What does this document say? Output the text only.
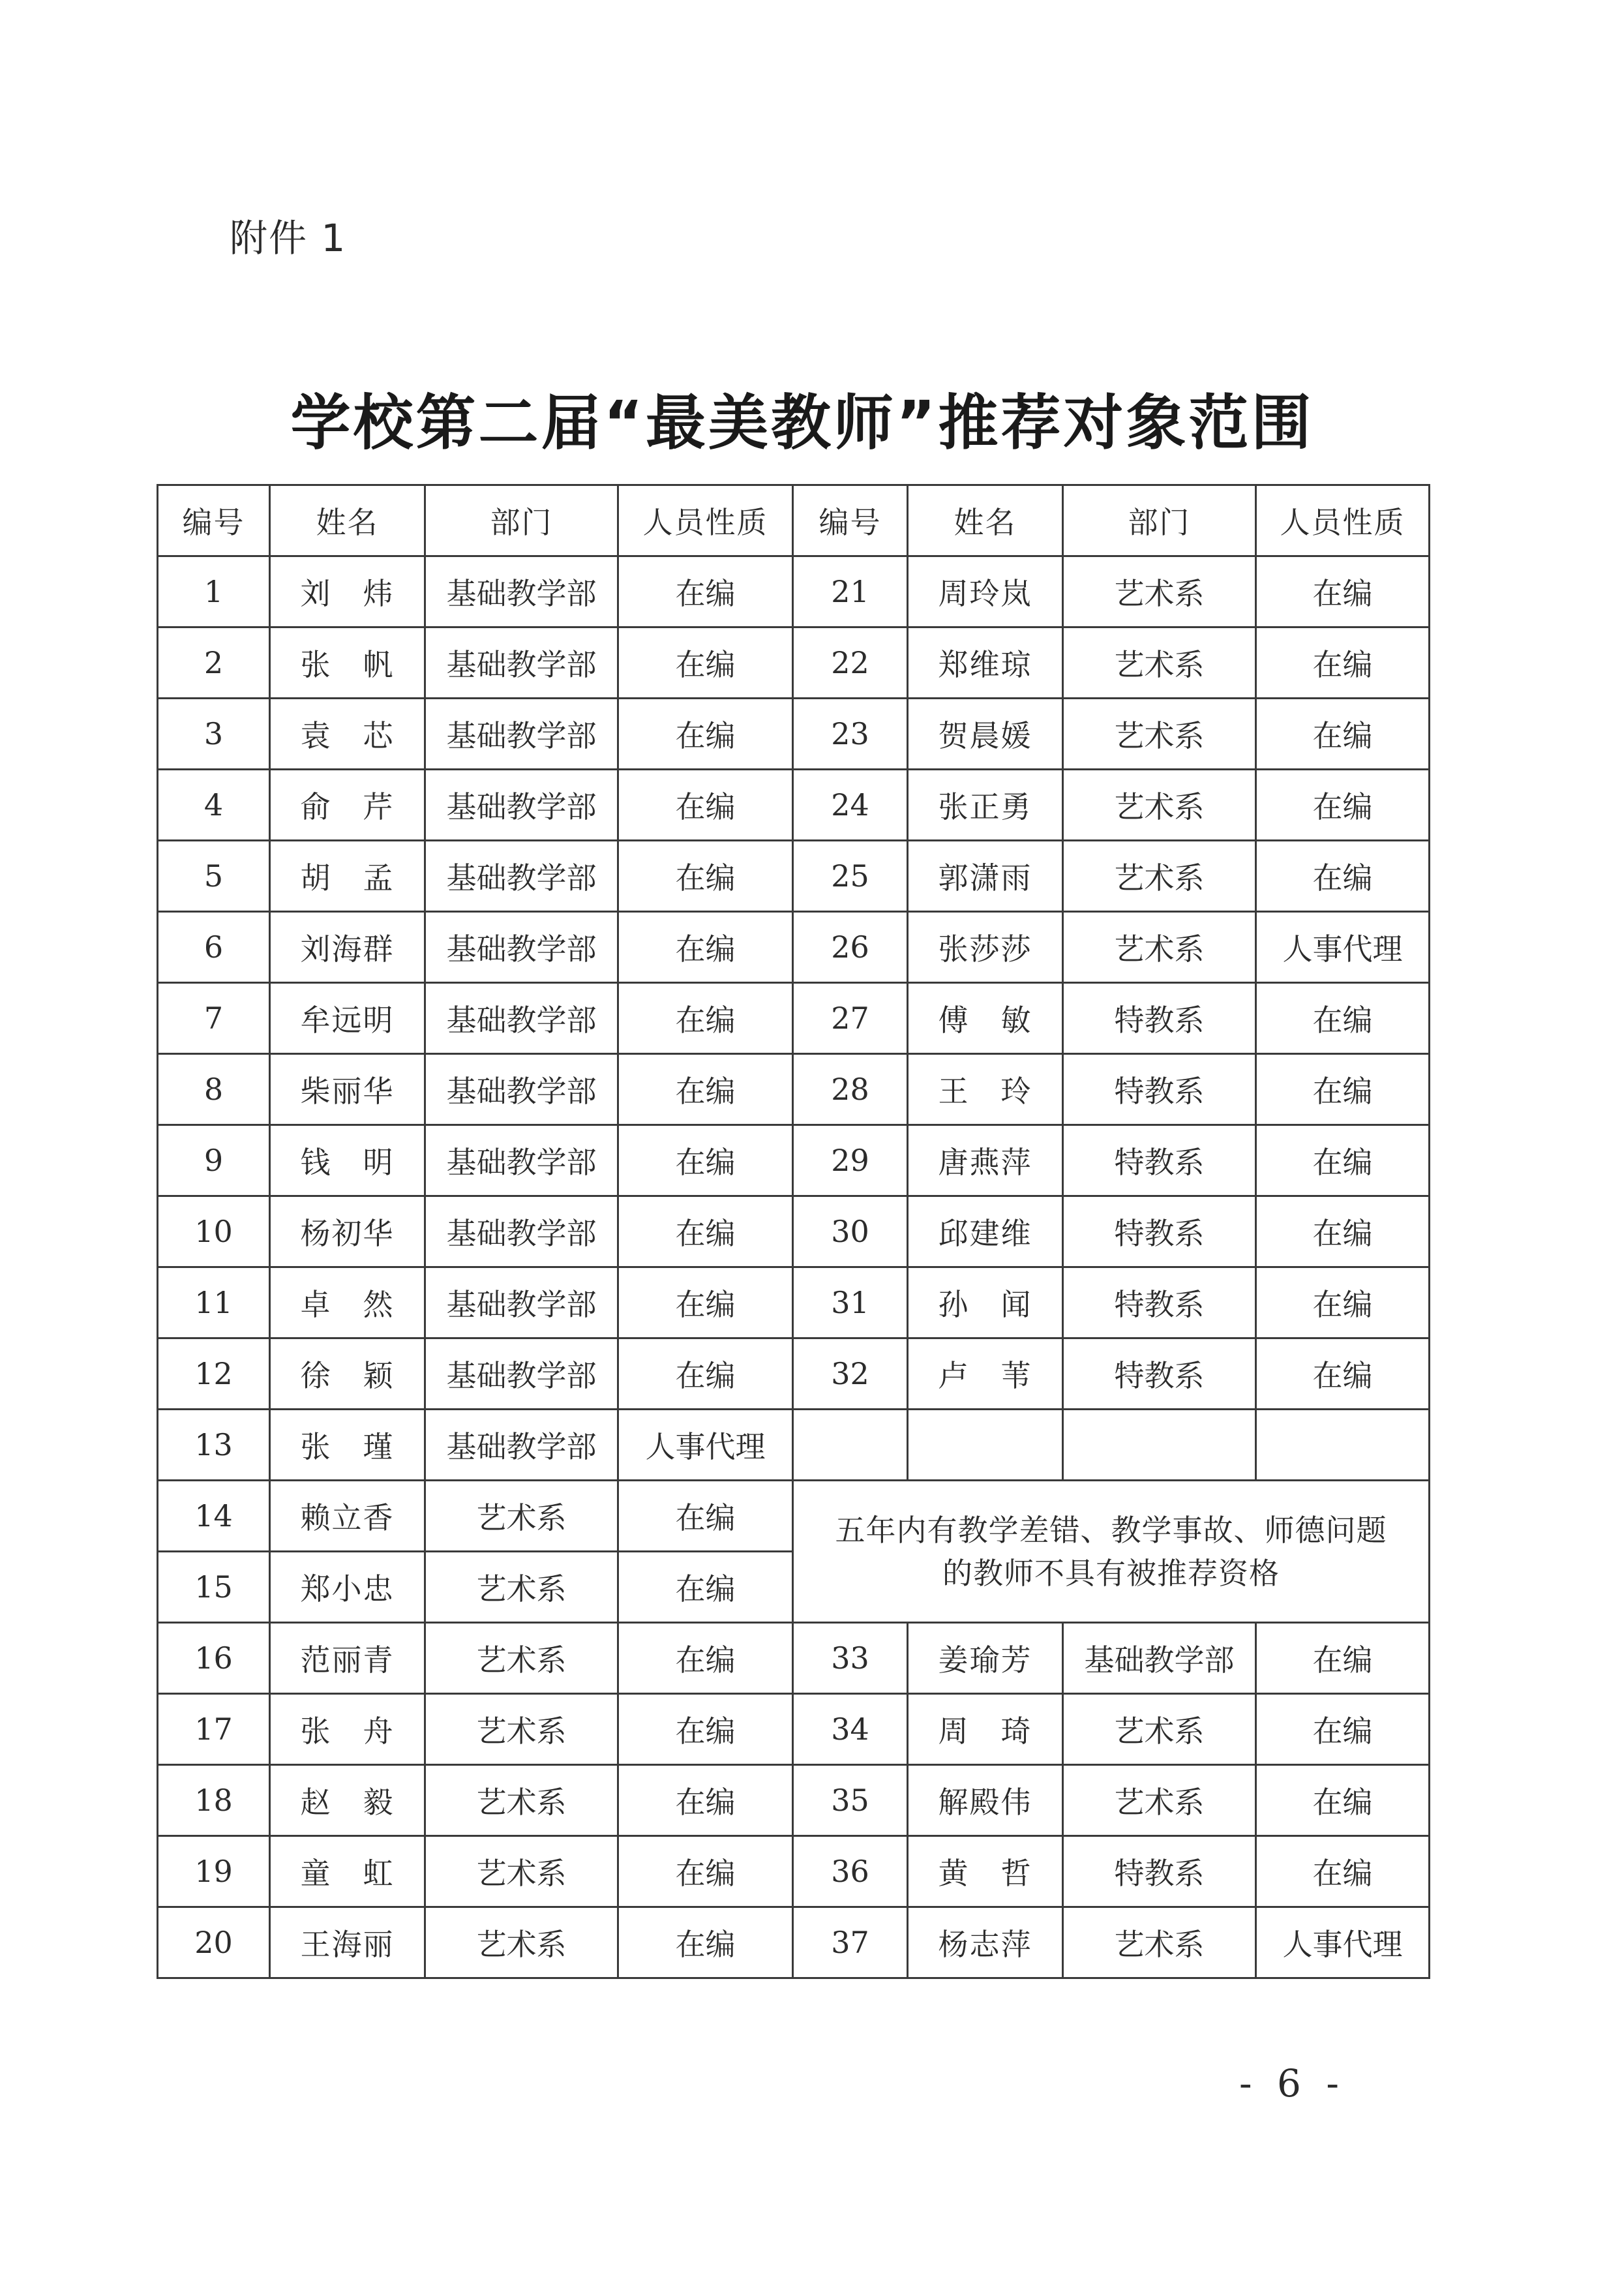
附件 1
学校第二届“最美教师”推荐对象范围
编号	姓名	部门	人员性质	编号	姓名	部门	人员性质
1	刘　炜	基础教学部	在编	21	周玲岚	艺术系	在编
2	张　帆	基础教学部	在编	22	郑维琼	艺术系	在编
3	袁　芯	基础教学部	在编	23	贺晨媛	艺术系	在编
4	俞　芹	基础教学部	在编	24	张正勇	艺术系	在编
5	胡　孟	基础教学部	在编	25	郭潇雨	艺术系	在编
6	刘海群	基础教学部	在编	26	张莎莎	艺术系	人事代理
7	牟远明	基础教学部	在编	27	傅　敏	特教系	在编
8	柴丽华	基础教学部	在编	28	王　玲	特教系	在编
9	钱　明	基础教学部	在编	29	唐燕萍	特教系	在编
10	杨初华	基础教学部	在编	30	邱建维	特教系	在编
11	卓　然	基础教学部	在编	31	孙　闻	特教系	在编
12	徐　颖	基础教学部	在编	32	卢　苇	特教系	在编
13	张　瑾	基础教学部	人事代理				
14	赖立香	艺术系	在编	五年内有教学差错、教学事故、师德问题
的教师不具有被推荐资格			

15	郑小忠	艺术系	在编				
16	范丽青	艺术系	在编	33	姜瑜芳	基础教学部	在编
17	张　舟	艺术系	在编	34	周　琦	艺术系	在编
18	赵　毅	艺术系	在编	35	解殿伟	艺术系	在编
19	童　虹	艺术系	在编	36	黄　哲	特教系	在编
20	王海丽	艺术系	在编	37	杨志萍	艺术系	人事代理
- 6 -
